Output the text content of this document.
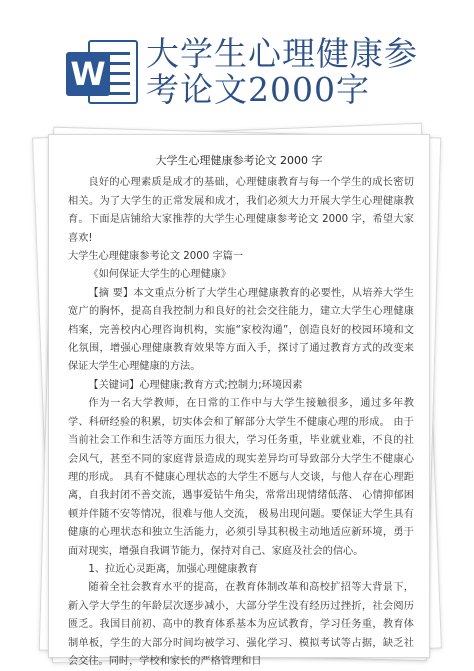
W
大学生心理健康参
考论文2000字
大学生心理健康参考论文 2000 字

良好的心理素质是成才的基础，心理健康教育与每一个学生的成长密切相关。为了大学生的正常发展和成才，我们必须大力开展大学生心理健康教育。下面是店铺给大家推荐的大学生心理健康参考论文 2000 字，希望大家喜欢!

大学生心理健康参考论文 2000 字篇一

《如何保证大学生的心理健康》

【摘 要】本文重点分析了大学生心理健康教育的必要性，从培养大学生宽广的胸怀，提高自我控制力和良好的社会交往能力，建立大学生心理健康档案，完善校内心理咨询机构，实施“家校沟通”，创造良好的校园环境和文化氛围，增强心理健康教育效果等方面入手，探讨了通过教育方式的改变来保证大学生心理健康的方法。

【关键词】心理健康;教育方式;控制力;环境因素

作为一名大学教师，在日常的工作中与大学生接触很多，通过多年教学、科研经验的积累，切实体会和了解部分大学生不健康心理的形成。 由于当前社会工作和生活等方面压力很大，学习任务重，毕业就业难，不良的社会风气，甚至不同的家庭背景造成的现实差异均可导致部分大学生不健康心理的形成。 具有不健康心理状态的大学生不愿与人交谈，与他人存在心理距离，自我封闭不善交流，遇事爱钻牛角尖，常常出现情绪低落、 心情抑郁困顿并伴随不安等情况，很难与他人交流， 极易出现问题。要保证大学生具有健康的心理状态和独立生活能力，必须引导其积极主动地适应新环境，勇于面对现实，增强自我调节能力，保持对自己、家庭及社会的信心。

1、拉近心灵距离，加强心理健康教育

随着全社会教育水平的提高，在教育体制改革和高校扩招等大背景下，新入学大学生的年龄层次逐步减小，大部分学生没有经历过挫折，社会阅历匮乏。我国目前初、高中的教育体系基本为应试教育，学习任务重，教育体制单板，学生的大部分时间均被学习、强化学习、模拟考试等占据，缺乏社会交往。同时，学校和家长的严格管理和日
